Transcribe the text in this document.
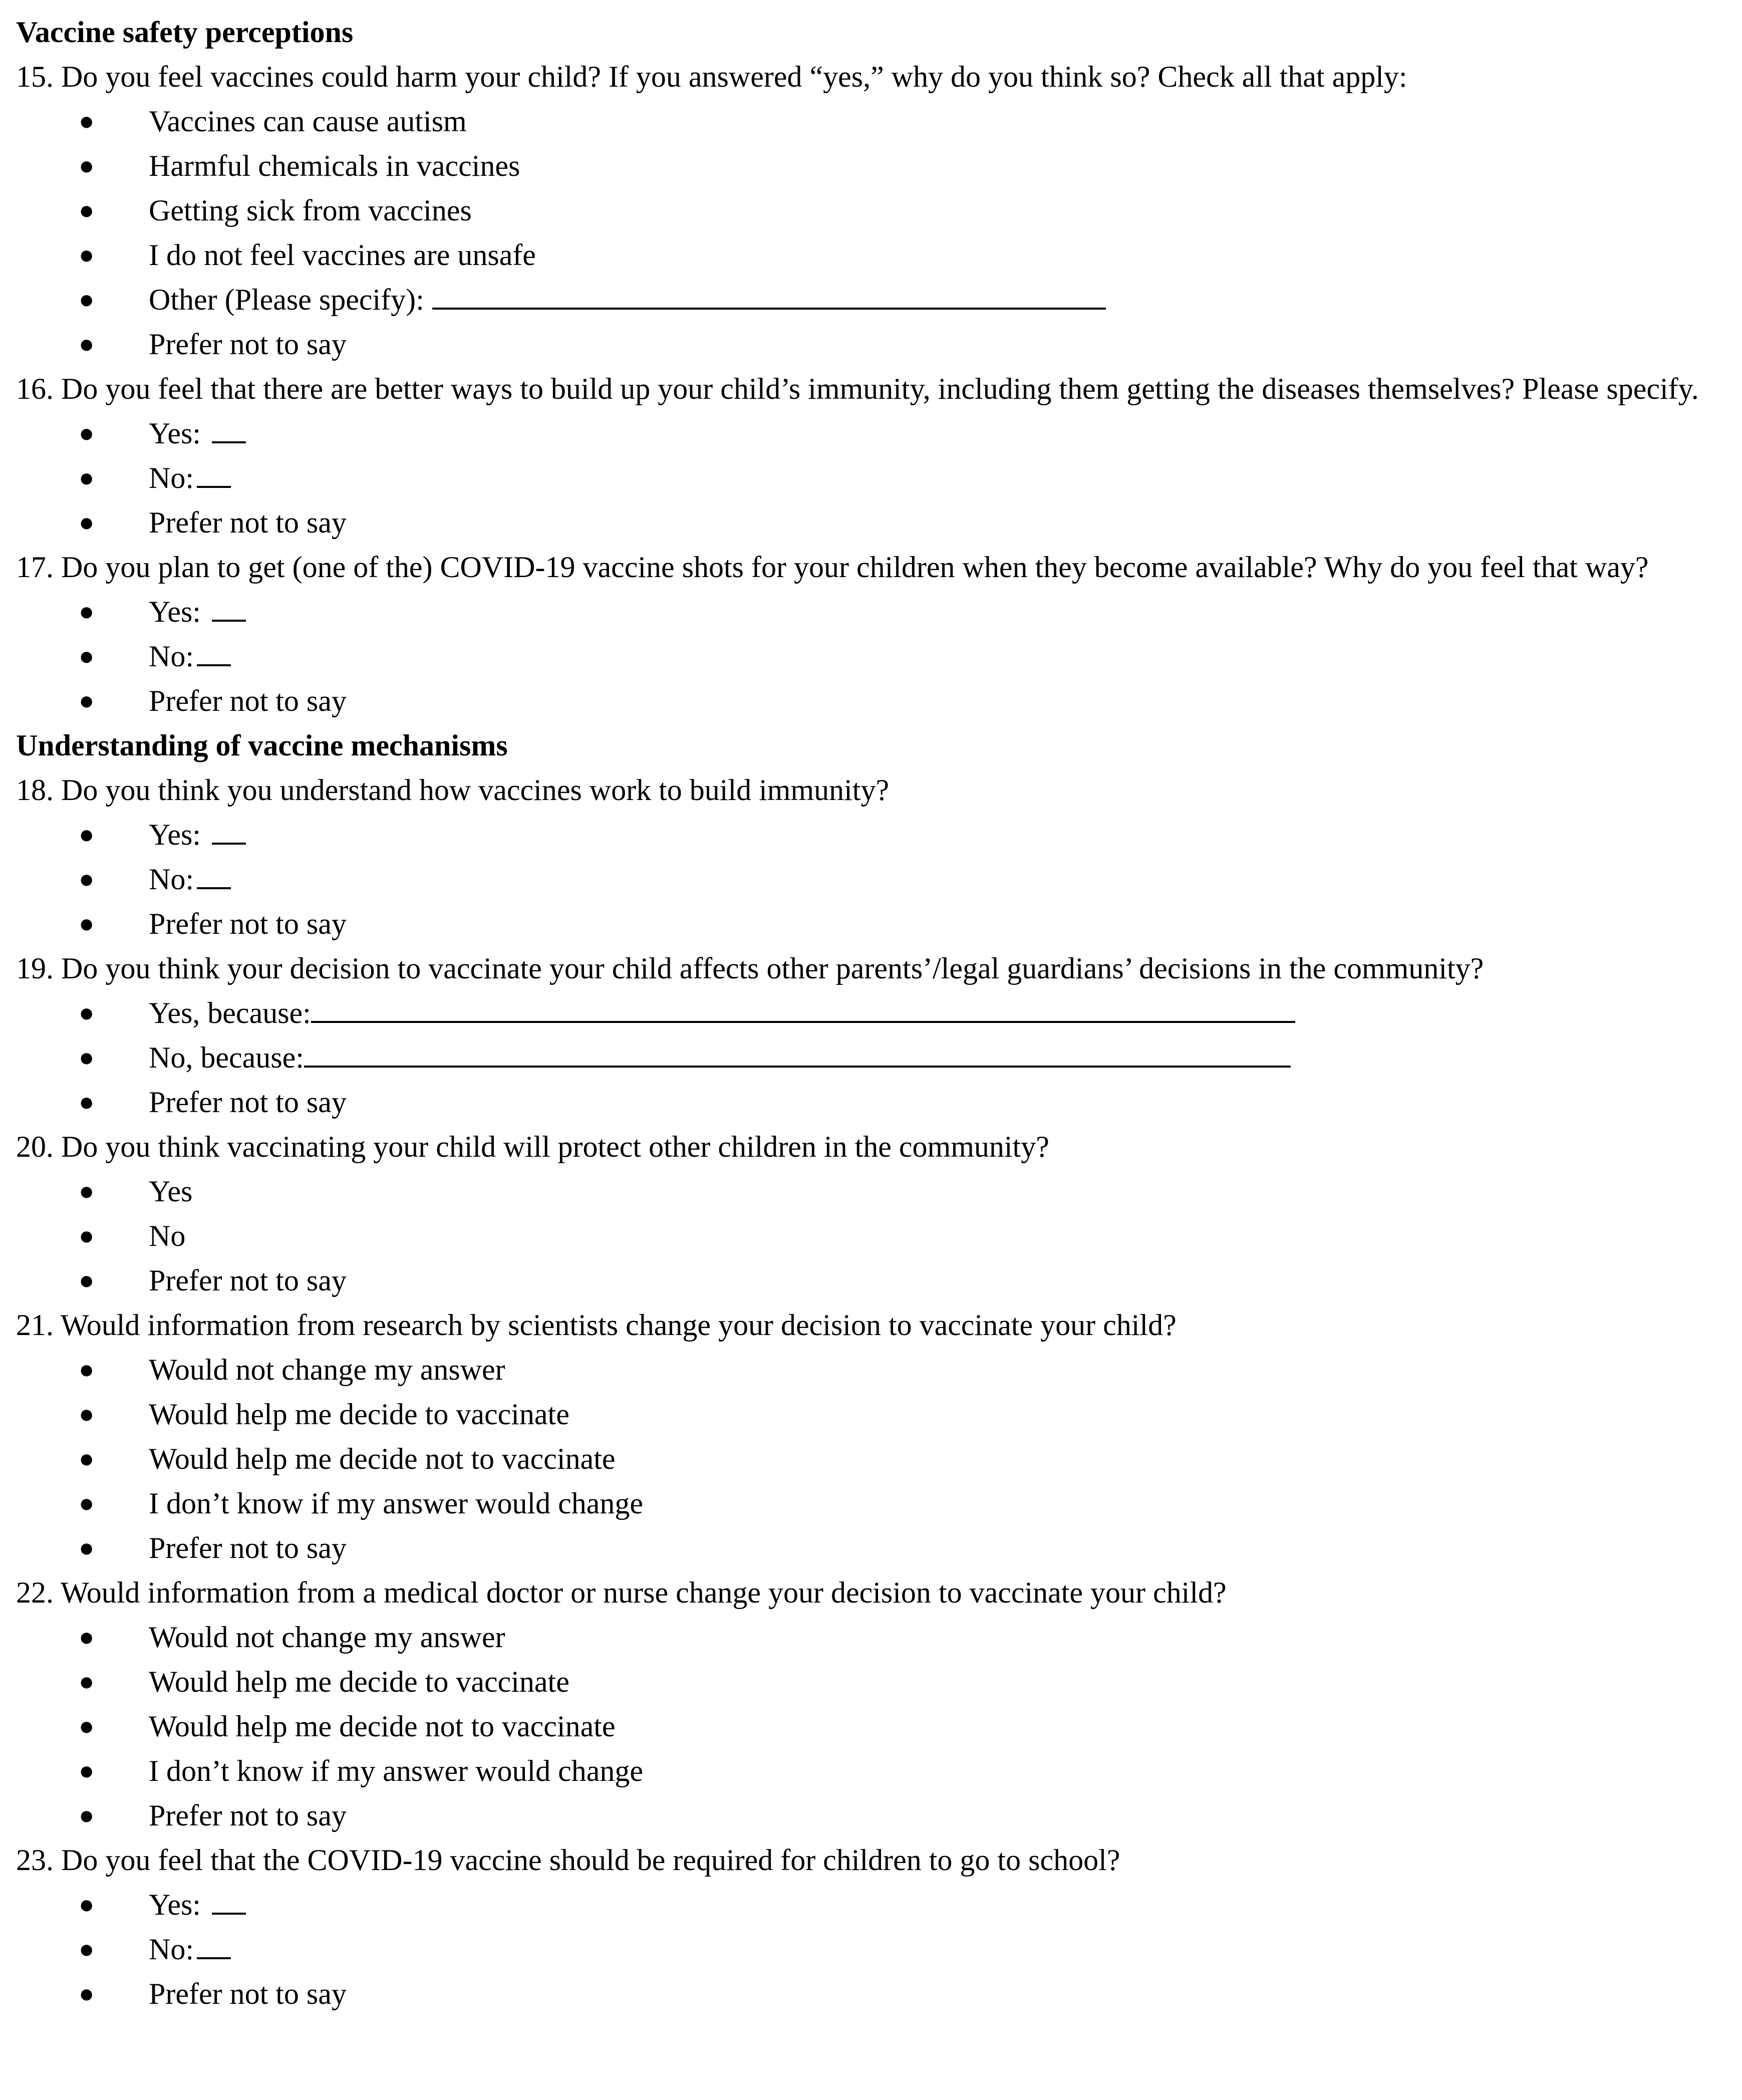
Vaccine safety perceptions
15. Do you feel vaccines could harm your child? If you answered “yes,” why do you think so? Check all that apply:
● Vaccines can cause autism
● Harmful chemicals in vaccines
● Getting sick from vaccines
● I do not feel vaccines are unsafe
● Other (Please specify):
● Prefer not to say
16. Do you feel that there are better ways to build up your child’s immunity, including them getting the diseases themselves? Please specify.
● Yes:
● No:
● Prefer not to say
17. Do you plan to get (one of the) COVID-19 vaccine shots for your children when they become available? Why do you feel that way?
● Yes:
● No:
● Prefer not to say
Understanding of vaccine mechanisms
18. Do you think you understand how vaccines work to build immunity?
● Yes:
● No:
● Prefer not to say
19. Do you think your decision to vaccinate your child affects other parents’/legal guardians’ decisions in the community?
● Yes, because:
● No, because:
● Prefer not to say
20. Do you think vaccinating your child will protect other children in the community?
● Yes
● No
● Prefer not to say
21. Would information from research by scientists change your decision to vaccinate your child?
● Would not change my answer
● Would help me decide to vaccinate
● Would help me decide not to vaccinate
● I don’t know if my answer would change
● Prefer not to say
22. Would information from a medical doctor or nurse change your decision to vaccinate your child?
● Would not change my answer
● Would help me decide to vaccinate
● Would help me decide not to vaccinate
● I don’t know if my answer would change
● Prefer not to say
23. Do you feel that the COVID-19 vaccine should be required for children to go to school?
● Yes:
● No:
● Prefer not to say
